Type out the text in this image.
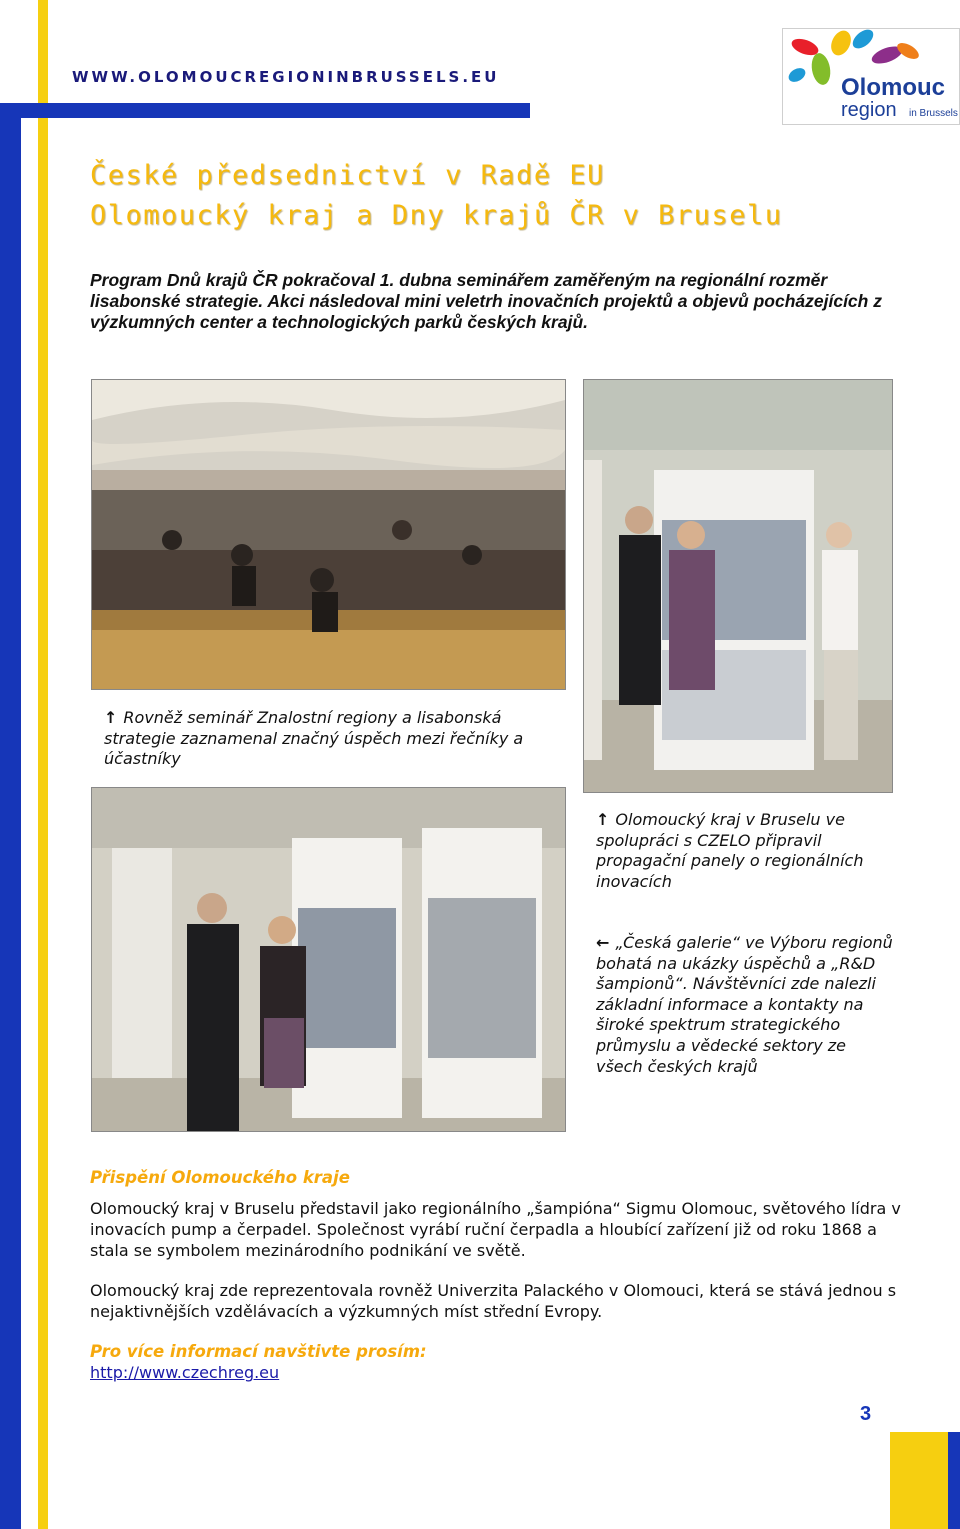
WWW.OLOMOUCREGIONINBRUSSELS.EU	Olomouc
region in Brussels
České předsednictví v Radě EU
Olomoucký kraj a Dny krajů ČR v Bruselu
Program Dnů krajů ČR pokračoval 1. dubna seminářem zaměřeným na regionální rozměr lisabonské strategie. Akci následoval mini veletrh inovačních projektů a objevů pocházejících z výzkumných center a technologických parků českých krajů.
↑ Rovněž seminář Znalostní regiony a lisabonská strategie zaznamenal značný úspěch mezi řečníky a účastníky
↑ Olomoucký kraj v Bruselu ve spolupráci s CZELO připravil propagační panely o regionálních inovacích
← „Česká galerie“ ve Výboru regionů bohatá na ukázky úspěchů a „R&D šampionů“. Návštěvníci zde nalezli základní informace a kontakty na široké spektrum strategického průmyslu a vědecké sektory ze všech českých krajů
Přispění Olomouckého kraje
Olomoucký kraj v Bruselu představil jako regionálního „šampióna“ Sigmu Olomouc, světového lídra v inovacích pump a čerpadel. Společnost vyrábí ruční čerpadla a hloubící zařízení již od roku 1868 a stala se symbolem mezinárodního podnikání ve světě.
Olomoucký kraj zde reprezentovala rovněž Univerzita Palackého v Olomouci, která se stává jednou s nejaktivnějších vzdělávacích a výzkumných míst střední Evropy.
Pro více informací navštivte prosím:
http://www.czechreg.eu
3
